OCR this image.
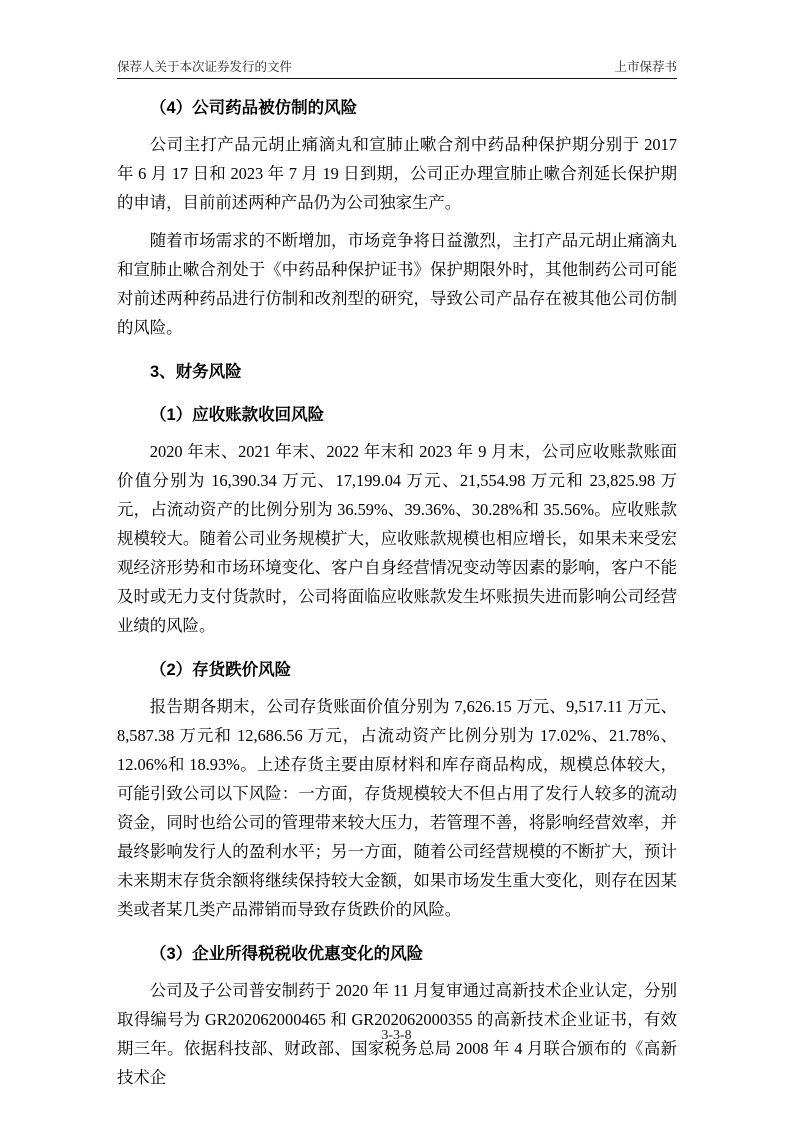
保荐人关于本次证券发行的文件	上市保荐书
（4）公司药品被仿制的风险

公司主打产品元胡止痛滴丸和宣肺止嗽合剂中药品种保护期分别于 2017 年 6 月 17 日和 2023 年 7 月 19 日到期，公司正办理宣肺止嗽合剂延长保护期的申请，目前前述两种产品仍为公司独家生产。

随着市场需求的不断增加，市场竞争将日益激烈，主打产品元胡止痛滴丸和宣肺止嗽合剂处于《中药品种保护证书》保护期限外时，其他制药公司可能对前述两种药品进行仿制和改剂型的研究，导致公司产品存在被其他公司仿制的风险。

3、财务风险
（1）应收账款收回风险

2020 年末、2021 年末、2022 年末和 2023 年 9 月末，公司应收账款账面价值分别为 16,390.34 万元、17,199.04 万元、21,554.98 万元和 23,825.98 万元，占流动资产的比例分别为 36.59%、39.36%、30.28%和 35.56%。应收账款规模较大。随着公司业务规模扩大，应收账款规模也相应增长，如果未来受宏观经济形势和市场环境变化、客户自身经营情况变动等因素的影响，客户不能及时或无力支付货款时，公司将面临应收账款发生坏账损失进而影响公司经营业绩的风险。

（2）存货跌价风险

报告期各期末，公司存货账面价值分别为 7,626.15 万元、9,517.11 万元、8,587.38 万元和 12,686.56 万元，占流动资产比例分别为 17.02%、21.78%、12.06%和 18.93%。上述存货主要由原材料和库存商品构成，规模总体较大，可能引致公司以下风险：一方面，存货规模较大不但占用了发行人较多的流动资金，同时也给公司的管理带来较大压力，若管理不善，将影响经营效率，并最终影响发行人的盈利水平；另一方面，随着公司经营规模的不断扩大，预计未来期末存货余额将继续保持较大金额，如果市场发生重大变化，则存在因某类或者某几类产品滞销而导致存货跌价的风险。

（3）企业所得税税收优惠变化的风险

公司及子公司普安制药于 2020 年 11 月复审通过高新技术企业认定，分别取得编号为 GR202062000465 和 GR202062000355 的高新技术企业证书，有效期三年。依据科技部、财政部、国家税务总局 2008 年 4 月联合颁布的《高新技术企

3-3-8
